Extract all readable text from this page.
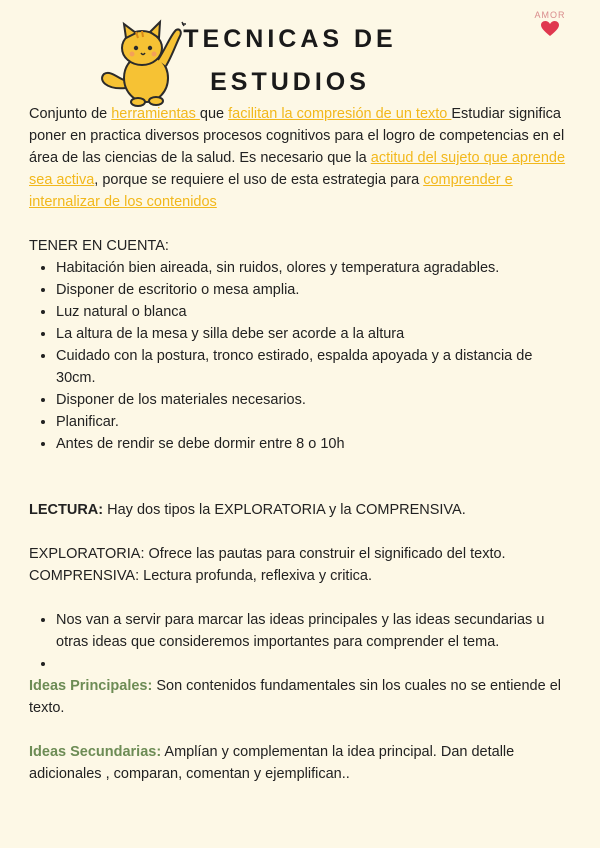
TECNICAS DE
ESTUDIOS
AMOR

Conjunto de herramientas que facilitan la compresión de un texto Estudiar significa poner en practica diversos procesos cognitivos para el logro de competencias en el área de las ciencias de la salud. Es necesario que la actitud del sujeto que aprende sea activa, porque se requiere el uso de esta estrategia para comprender e internalizar de los contenidos

TENER EN CUENTA:

• Habitación bien aireada, sin ruidos, olores y temperatura agradables.
• Disponer de escritorio o mesa amplia.
• Luz natural o blanca
• La altura de la mesa y silla debe ser acorde a la altura
• Cuidado con la postura, tronco estirado, espalda apoyada y a distancia de 30cm.
• Disponer de los materiales necesarios.
• Planificar.
• Antes de rendir se debe dormir entre 8 o 10h

LECTURA: Hay dos tipos la EXPLORATORIA y la COMPRENSIVA.

EXPLORATORIA: Ofrece las pautas para construir el significado del texto.

COMPRENSIVA: Lectura profunda, reflexiva y critica.

• Nos van a servir para marcar las ideas principales y las ideas secundarias u otras ideas que consideremos importantes para comprender el tema.
•

Ideas Principales: Son contenidos fundamentales sin los cuales no se entiende el texto.

Ideas Secundarias: Amplían y complementan la idea principal. Dan detalle adicionales , comparan, comentan y ejemplifican..
